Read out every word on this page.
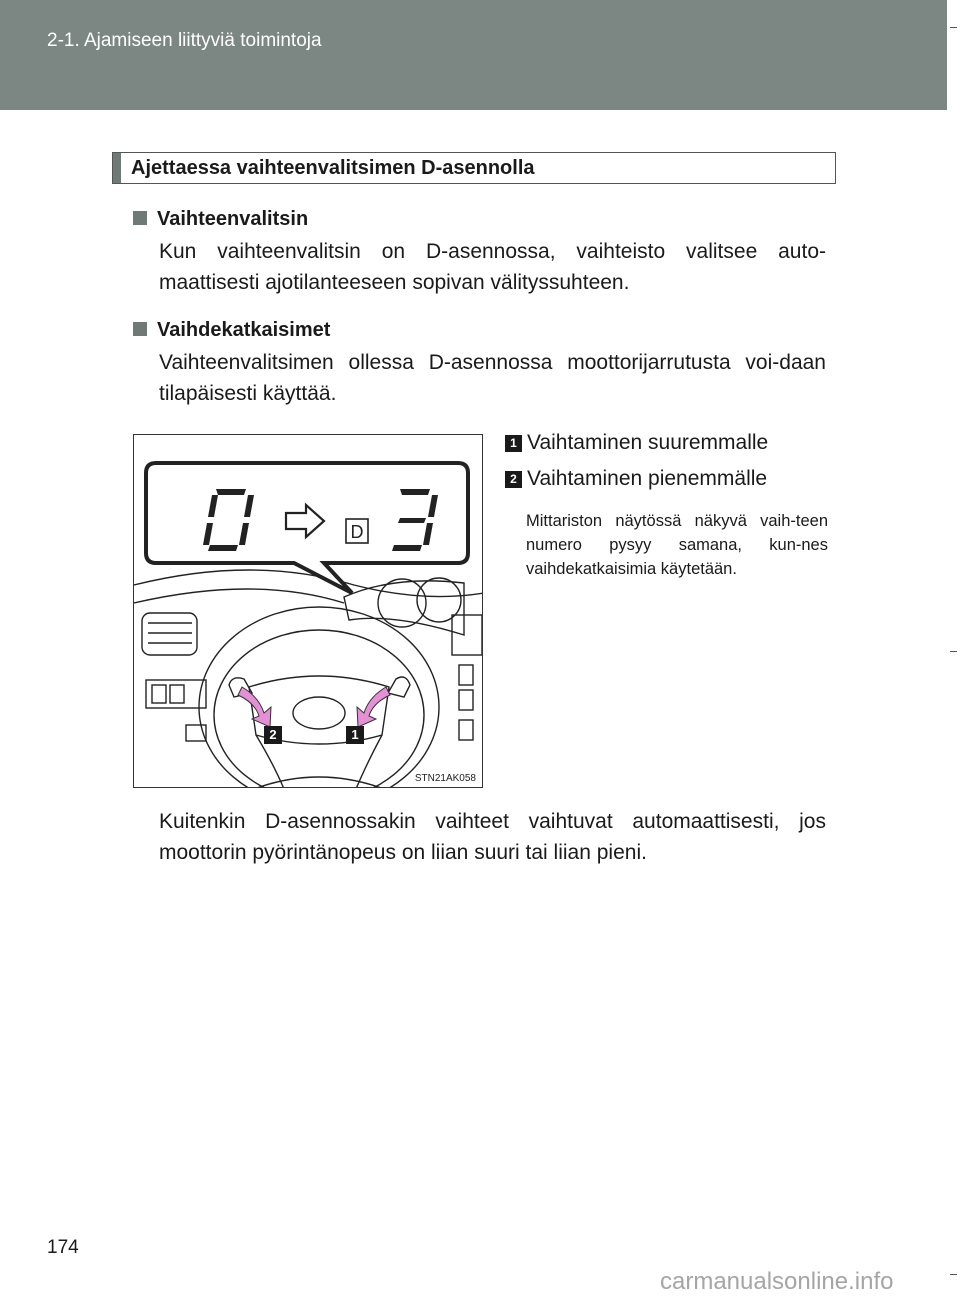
2-1. Ajamiseen liittyviä toimintoja
Ajettaessa vaihteenvalitsimen D-asennolla
Vaihteenvalitsin

Kun vaihteenvalitsin on D-asennossa, vaihteisto valitsee auto-maattisesti ajotilanteeseen sopivan välityssuhteen.

Vaihdekatkaisimet

Vaihteenvalitsimen ollessa D-asennossa moottorijarrutusta voi-daan tilapäisesti käyttää.

D
2	1
STN21AK058
1 Vaihtaminen suuremmalle
2 Vaihtaminen pienemmälle

Mittariston näytössä näkyvä vaih-teen numero pysyy samana, kun-nes vaihdekatkaisimia käytetään.

Kuitenkin D-asennossakin vaihteet vaihtuvat automaattisesti, jos moottorin pyörintänopeus on liian suuri tai liian pieni.

174
carmanualsonline.info
